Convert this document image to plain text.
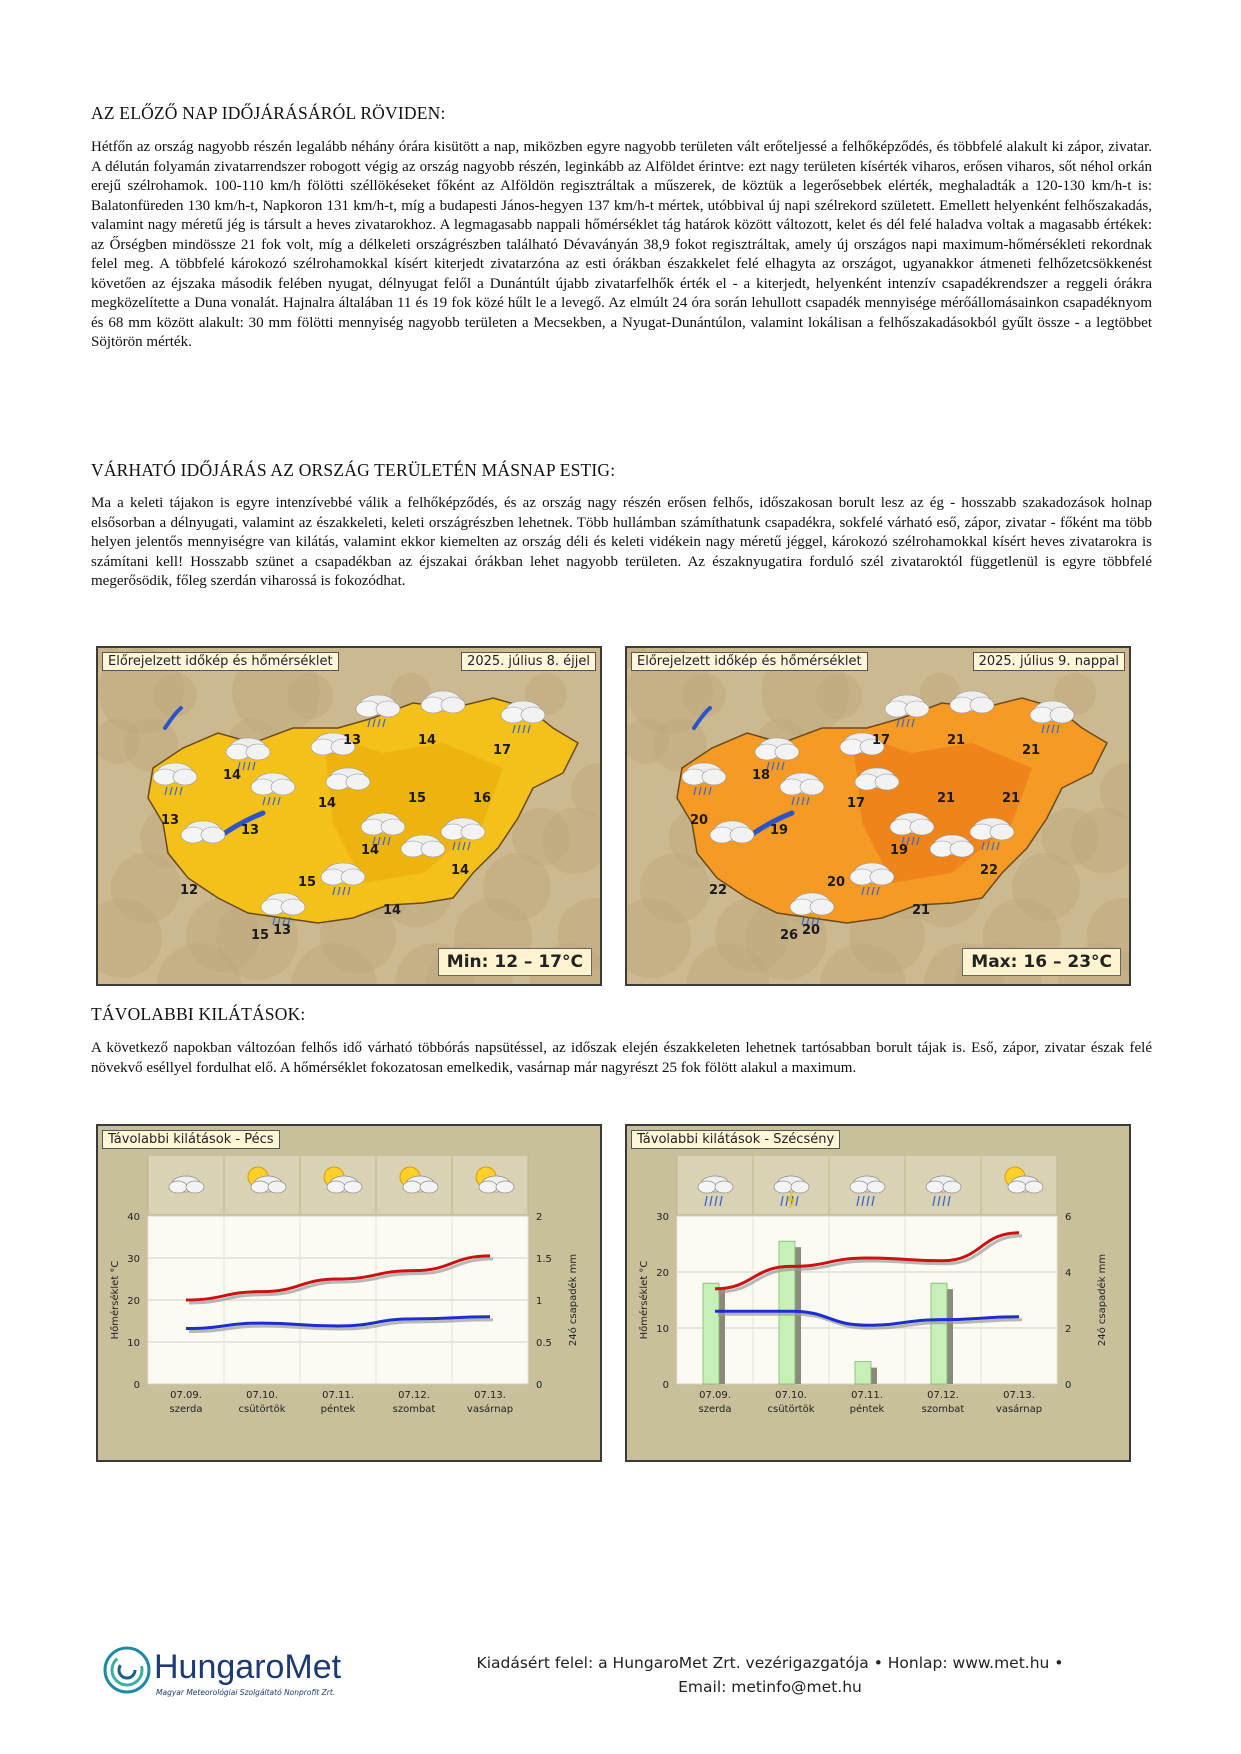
AZ ELŐZŐ NAP IDŐJÁRÁSÁRÓL RÖVIDEN:

Hétfőn az ország nagyobb részén legalább néhány órára kisütött a nap, miközben egyre nagyobb területen vált erőteljessé a felhőképződés, és többfelé alakult ki zápor, zivatar. A délután folyamán zivatarrendszer robogott végig az ország nagyobb részén, leginkább az Alföldet érintve: ezt nagy területen kísérték viharos, erősen viharos, sőt néhol orkán erejű szélrohamok. 100-110 km/h fölötti széllökéseket főként az Alföldön regisztráltak a műszerek, de köztük a legerősebbek elérték, meghaladták a 120-130 km/h-t is: Balatonfüreden 130 km/h-t, Napkoron 131 km/h-t, míg a budapesti János-hegyen 137 km/h-t mértek, utóbbival új napi szélrekord született. Emellett helyenként felhőszakadás, valamint nagy méretű jég is társult a heves zivatarokhoz. A legmagasabb nappali hőmérséklet tág határok között változott, kelet és dél felé haladva voltak a magasabb értékek: az Őrségben mindössze 21 fok volt, míg a délkeleti országrészben található Dévaványán 38,9 fokot regisztráltak, amely új országos napi maximum-hőmérsékleti rekordnak felel meg. A többfelé károkozó szélrohamokkal kísért kiterjedt zivatarzóna az esti órákban északkelet felé elhagyta az országot, ugyanakkor átmeneti felhőzetcsökkenést követően az éjszaka második felében nyugat, délnyugat felől a Dunántúlt újabb zivatarfelhők érték el - a kiterjedt, helyenként intenzív csapadékrendszer a reggeli órákra megközelítette a Duna vonalát. Hajnalra általában 11 és 19 fok közé hűlt le a levegő. Az elmúlt 24 óra során lehullott csapadék mennyisége mérőállomásainkon csapadéknyom és 68 mm között alakult: 30 mm fölötti mennyiség nagyobb területen a Mecsekben, a Nyugat-Dunántúlon, valamint lokálisan a felhőszakadásokból gyűlt össze - a legtöbbet Söjtörön mérték.

VÁRHATÓ IDŐJÁRÁS AZ ORSZÁG TERÜLETÉN MÁSNAP ESTIG:

Ma a keleti tájakon is egyre intenzívebbé válik a felhőképződés, és az ország nagy részén erősen felhős, időszakosan borult lesz az ég - hosszabb szakadozások holnap elsősorban a délnyugati, valamint az északkeleti, keleti országrészben lehetnek. Több hullámban számíthatunk csapadékra, sokfelé várható eső, zápor, zivatar - főként ma több helyen jelentős mennyiségre van kilátás, valamint ekkor kiemelten az ország déli és keleti vidékein nagy méretű jéggel, károkozó szélrohamokkal kísért heves zivatarokra is számítani kell! Hosszabb szünet a csapadékban az éjszakai órákban lehet nagyobb területen. Az északnyugatira forduló szél zivataroktól függetlenül is egyre többfelé megerősödik, főleg szerdán viharossá is fokozódhat.

Előrejelzett időkép és hőmérséklet	2025. július 8. éjjel
Min: 12 – 17°C
14
13	14
17
14	15	16
13
13
14
14
15
12
14
15 13
Előrejelzett időkép és hőmérséklet	2025. július 9. nappal
Max: 16 – 23°C
18
17	21
21
17	21	21
20
19
19
22
20
22
21
26 20
TÁVOLABBI KILÁTÁSOK:

A következő napokban változóan felhős idő várható többórás napsütéssel, az időszak elején északkeleten lehetnek tartósabban borult tájak is. Eső, zápor, zivatar észak felé növekvő eséllyel fordulhat elő. A hőmérséklet fokozatosan emelkedik, vasárnap már nagyrészt 25 fok fölött alakul a maximum.

0
10
20
30
40
0
0.5
1
1.5
2
Hőmérséklet °C	24ó csapadék mm
07.09.
szerda
07.10.
csütörtök
07.11.
péntek
07.12.
szombat
07.13.
vasárnap
Távolabbi kilátások - Pécs
0
10
20
30
0
2
4
6
Hőmérséklet °C	24ó csapadék mm
07.09.
szerda
07.10.
csütörtök
07.11.
péntek
07.12.
szombat
07.13.
vasárnap
Távolabbi kilátások - Szécsény
HungaroMet
Magyar Meteorológiai Szolgáltató Nonprofit Zrt.
Kiadásért felel: a HungaroMet Zrt. vezérigazgatója • Honlap: www.met.hu •
Email: metinfo@met.hu
